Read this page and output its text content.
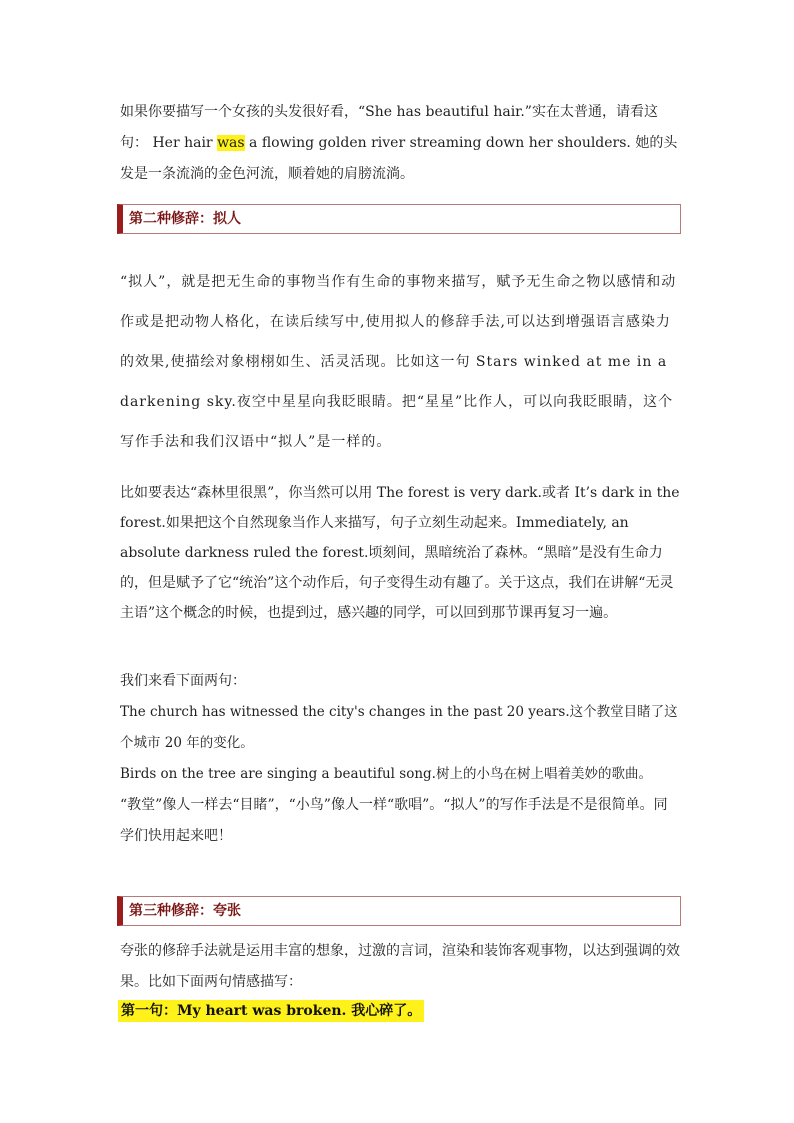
如果你要描写一个女孩的头发很好看，“She has beautiful hair.”实在太普通，请看这句： Her hair was a flowing golden river streaming down her shoulders. 她的头发是一条流淌的金色河流，顺着她的肩膀流淌。

第二种修辞：拟人

“拟人”，就是把无生命的事物当作有生命的事物来描写，赋予无生命之物以感情和动作或是把动物人格化，在读后续写中,使用拟人的修辞手法,可以达到增强语言感染力的效果,使描绘对象栩栩如生、活灵活现。比如这一句 Stars winked at me in a darkening sky.夜空中星星向我眨眼睛。把“星星”比作人，可以向我眨眼睛，这个写作手法和我们汉语中“拟人”是一样的。

比如要表达“森林里很黑”，你当然可以用 The forest is very dark.或者 It’s dark in the forest.如果把这个自然现象当作人来描写，句子立刻生动起来。Immediately, an absolute darkness ruled the forest.顷刻间，黑暗统治了森林。“黑暗”是没有生命力的，但是赋予了它“统治”这个动作后，句子变得生动有趣了。关于这点，我们在讲解“无灵主语”这个概念的时候，也提到过，感兴趣的同学，可以回到那节课再复习一遍。

我们来看下面两句：

The church has witnessed the city's changes in the past 20 years.这个教堂目睹了这个城市 20 年的变化。

Birds on the tree are singing a beautiful song.树上的小鸟在树上唱着美妙的歌曲。

“教堂”像人一样去“目睹”，“小鸟”像人一样“歌唱”。“拟人”的写作手法是不是很简单。同学们快用起来吧！

第三种修辞：夸张

夸张的修辞手法就是运用丰富的想象，过激的言词，渲染和装饰客观事物，以达到强调的效果。比如下面两句情感描写：

第一句：My heart was broken. 我心碎了。
